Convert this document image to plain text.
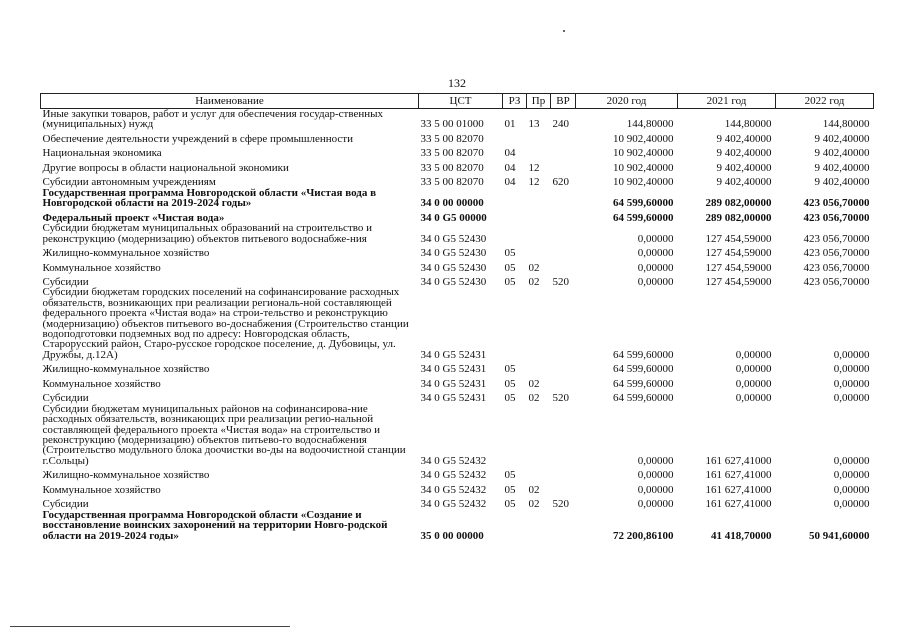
132
Наименование	ЦСТ	РЗ	Пр	ВР	2020 год	2021 год	2022 год
Иные закупки товаров, работ и услуг для обеспечения государ-ственных (муниципальных) нужд	33 5 00 01000	01	13	240	144,80000	144,80000	144,80000
Обеспечение деятельности учреждений в сфере промышленности	33 5 00 82070				10 902,40000	9 402,40000	9 402,40000
Национальная экономика	33 5 00 82070	04			10 902,40000	9 402,40000	9 402,40000
Другие вопросы в области национальной экономики	33 5 00 82070	04	12		10 902,40000	9 402,40000	9 402,40000
Субсидии автономным учреждениям	33 5 00 82070	04	12	620	10 902,40000	9 402,40000	9 402,40000
Государственная программа Новгородской области «Чистая вода в Новгородской области на 2019-2024 годы»	34 0 00 00000				64 599,60000	289 082,00000	423 056,70000
Федеральный проект «Чистая вода»	34 0 G5 00000				64 599,60000	289 082,00000	423 056,70000
Субсидии бюджетам муниципальных образований на строительство и реконструкцию (модернизацию) объектов питьевого водоснабже-ния	34 0 G5 52430				0,00000	127 454,59000	423 056,70000
Жилищно-коммунальное хозяйство	34 0 G5 52430	05			0,00000	127 454,59000	423 056,70000
Коммунальное хозяйство	34 0 G5 52430	05	02		0,00000	127 454,59000	423 056,70000
Субсидии	34 0 G5 52430	05	02	520	0,00000	127 454,59000	423 056,70000
Субсидии бюджетам городских поселений на софинансирование расходных обязательств, возникающих при реализации региональ-ной составляющей федерального проекта «Чистая вода» на строи-тельство и реконструкцию (модернизацию) объектов питьевого во-доснабжения (Строительство станции водоподготовки подземных вод по адресу: Новгородская область, Старорусский район, Старо-русское городское поселение, д. Дубовицы, ул. Дружбы, д.12А)	34 0 G5 52431				64 599,60000	0,00000	0,00000
Жилищно-коммунальное хозяйство	34 0 G5 52431	05			64 599,60000	0,00000	0,00000
Коммунальное хозяйство	34 0 G5 52431	05	02		64 599,60000	0,00000	0,00000
Субсидии	34 0 G5 52431	05	02	520	64 599,60000	0,00000	0,00000
Субсидии бюджетам муниципальных районов на софинансирова-ние расходных обязательств, возникающих при реализации регио-нальной составляющей федерального проекта «Чистая вода» на строительство и реконструкцию (модернизацию) объектов питьево-го водоснабжения (Строительство модульного блока доочистки во-ды на водоочистной станции г.Сольцы)	34 0 G5 52432				0,00000	161 627,41000	0,00000
Жилищно-коммунальное хозяйство	34 0 G5 52432	05			0,00000	161 627,41000	0,00000
Коммунальное хозяйство	34 0 G5 52432	05	02		0,00000	161 627,41000	0,00000
Субсидии	34 0 G5 52432	05	02	520	0,00000	161 627,41000	0,00000
Государственная программа Новгородской области «Создание и восстановление воинских захоронений на территории Новго-родской области на 2019-2024 годы»	35 0 00 00000				72 200,86100	41 418,70000	50 941,60000
